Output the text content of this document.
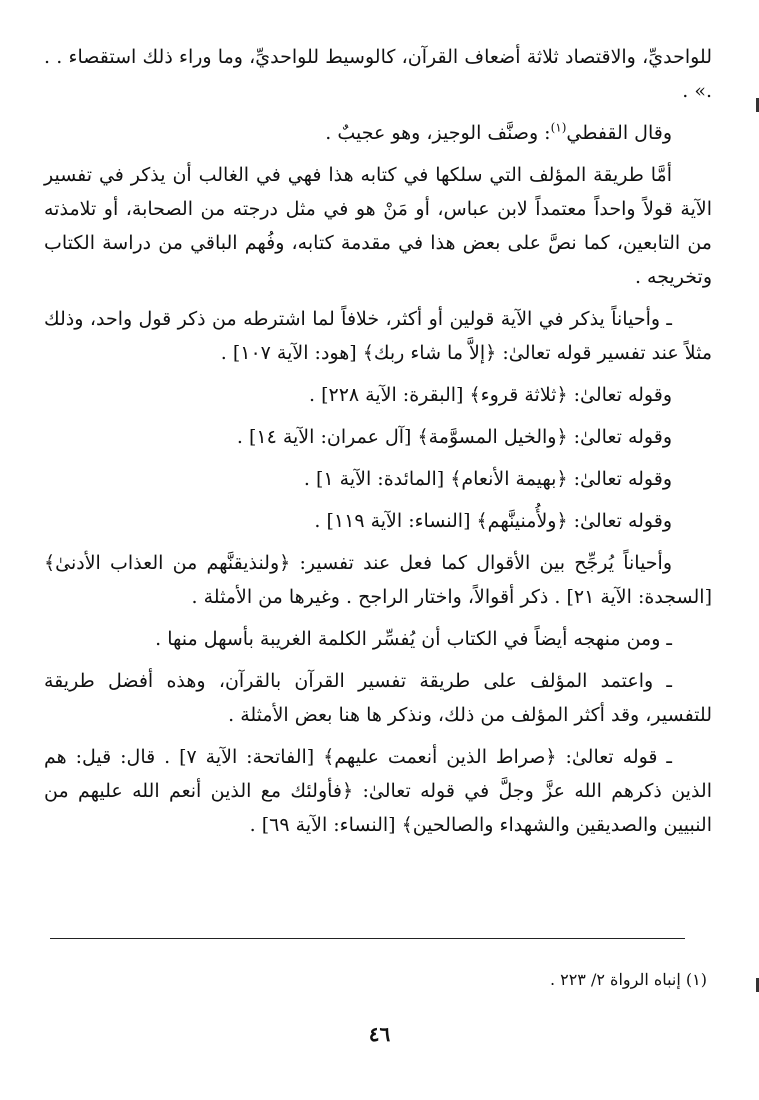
للواحديِّ، والاقتصاد ثلاثة أضعاف القرآن، كالوسيط للواحديِّ، وما وراء ذلك استقصاء . . .» .

وقال القفطي$^{(١)}$: وصنَّف الوجيز، وهو عجيبٌ .

أمَّا طريقة المؤلف التي سلكها في كتابه هذا فهي في الغالب أن يذكر في تفسير الآية قولاً واحداً معتمداً لابن عباس، أو مَنْ هو في مثل درجته من الصحابة، أو تلامذته من التابعين، كما نصَّ على بعض هذا في مقدمة كتابه، وفُهم الباقي من دراسة الكتاب وتخريجه .

ـ وأحياناً يذكر في الآية قولين أو أكثر، خلافاً لما اشترطه من ذكر قول واحد، وذلك مثلاً عند تفسير قوله تعالىٰ: ﴿إلاَّ ما شاء ربك﴾ [هود: الآية ١٠٧] .

وقوله تعالىٰ: ﴿ثلاثة قروء﴾ [البقرة: الآية ٢٢٨] .

وقوله تعالىٰ: ﴿والخيل المسوَّمة﴾ [آل عمران: الآية ١٤] .

وقوله تعالىٰ: ﴿بهيمة الأنعام﴾ [المائدة: الآية ١] .

وقوله تعالىٰ: ﴿ولأُمنينَّهم﴾ [النساء: الآية ١١٩] .

وأحياناً يُرجِّح بين الأقوال كما فعل عند تفسير: ﴿ولنذيقنَّهم من العذاب الأدنىٰ﴾ [السجدة: الآية ٢١] . ذكر أقوالاً، واختار الراجح . وغيرها من الأمثلة .

ـ ومن منهجه أيضاً في الكتاب أن يُفسِّر الكلمة الغريبة بأسهل منها .

ـ واعتمد المؤلف على طريقة تفسير القرآن بالقرآن، وهذه أفضل طريقة للتفسير، وقد أكثر المؤلف من ذلك، ونذكر ها هنا بعض الأمثلة .

ـ قوله تعالىٰ: ﴿صراط الذين أنعمت عليهم﴾ [الفاتحة: الآية ٧] . قال: قيل: هم الذين ذكرهم الله عزَّ وجلَّ في قوله تعالىٰ: ﴿فأولئك مع الذين أنعم الله عليهم من النبيين والصديقين والشهداء والصالحين﴾ [النساء: الآية ٦٩] .

(١) إنباه الرواة ٢/ ٢٢٣ .
٤٦
